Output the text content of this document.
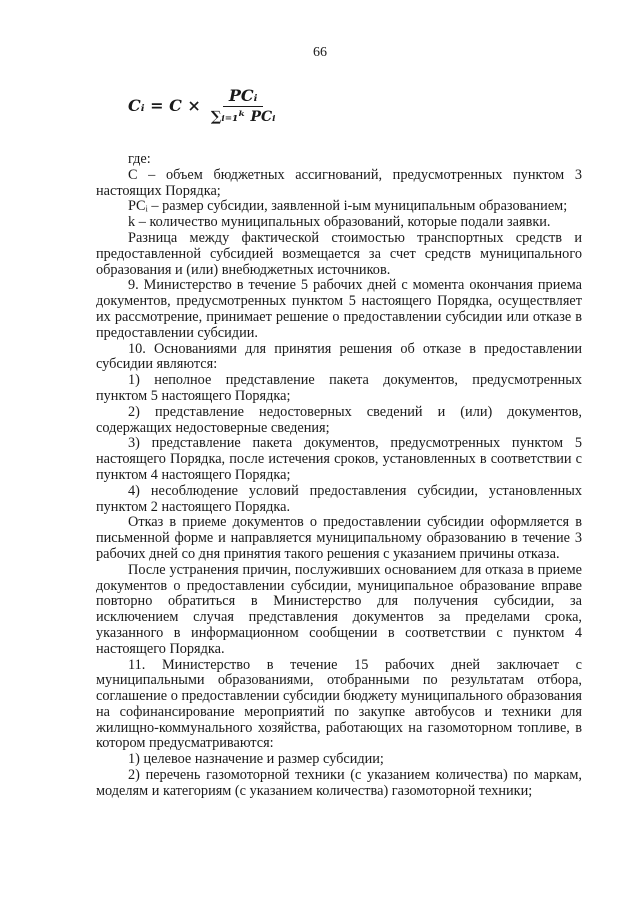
66
Cᵢ = $C \times \frac{\text{PCᵢ}}{\text{∑ᵢ₌₁ᵏ PCᵢ}}$

где:

С – объем бюджетных ассигнований, предусмотренных пунктом 3 настоящих Порядка;

PCᵢ – размер субсидии, заявленной i-ым муниципальным образованием;

k – количество муниципальных образований, которые подали заявки.

Разница между фактической стоимостью транспортных средств и предоставленной субсидией возмещается за счет средств муниципального образования и (или) внебюджетных источников.

9. Министерство в течение 5 рабочих дней с момента окончания приема документов, предусмотренных пунктом 5 настоящего Порядка, осуществляет их рассмотрение, принимает решение о предоставлении субсидии или отказе в предоставлении субсидии.

10. Основаниями для принятия решения об отказе в предоставлении субсидии являются:

1) неполное представление пакета документов, предусмотренных пунктом 5 настоящего Порядка;

2) представление недостоверных сведений и (или) документов, содержащих недостоверные сведения;

3) представление пакета документов, предусмотренных пунктом 5 настоящего Порядка, после истечения сроков, установленных в соответствии с пунктом 4 настоящего Порядка;

4) несоблюдение условий предоставления субсидии, установленных пунктом 2 настоящего Порядка.

Отказ в приеме документов о предоставлении субсидии оформляется в письменной форме и направляется муниципальному образованию в течение 3 рабочих дней со дня принятия такого решения с указанием причины отказа.

После устранения причин, послуживших основанием для отказа в приеме документов о предоставлении субсидии, муниципальное образование вправе повторно обратиться в Министерство для получения субсидии, за исключением случая представления документов за пределами срока, указанного в информационном сообщении в соответствии с пунктом 4 настоящего Порядка.

11. Министерство в течение 15 рабочих дней заключает с муниципальными образованиями, отобранными по результатам отбора, соглашение о предоставлении субсидии бюджету муниципального образования на софинансирование мероприятий по закупке автобусов и техники для жилищно-коммунального хозяйства, работающих на газомоторном топливе, в котором предусматриваются:

1) целевое назначение и размер субсидии;

2) перечень газомоторной техники (с указанием количества) по маркам, моделям и категориям (с указанием количества) газомоторной техники;
